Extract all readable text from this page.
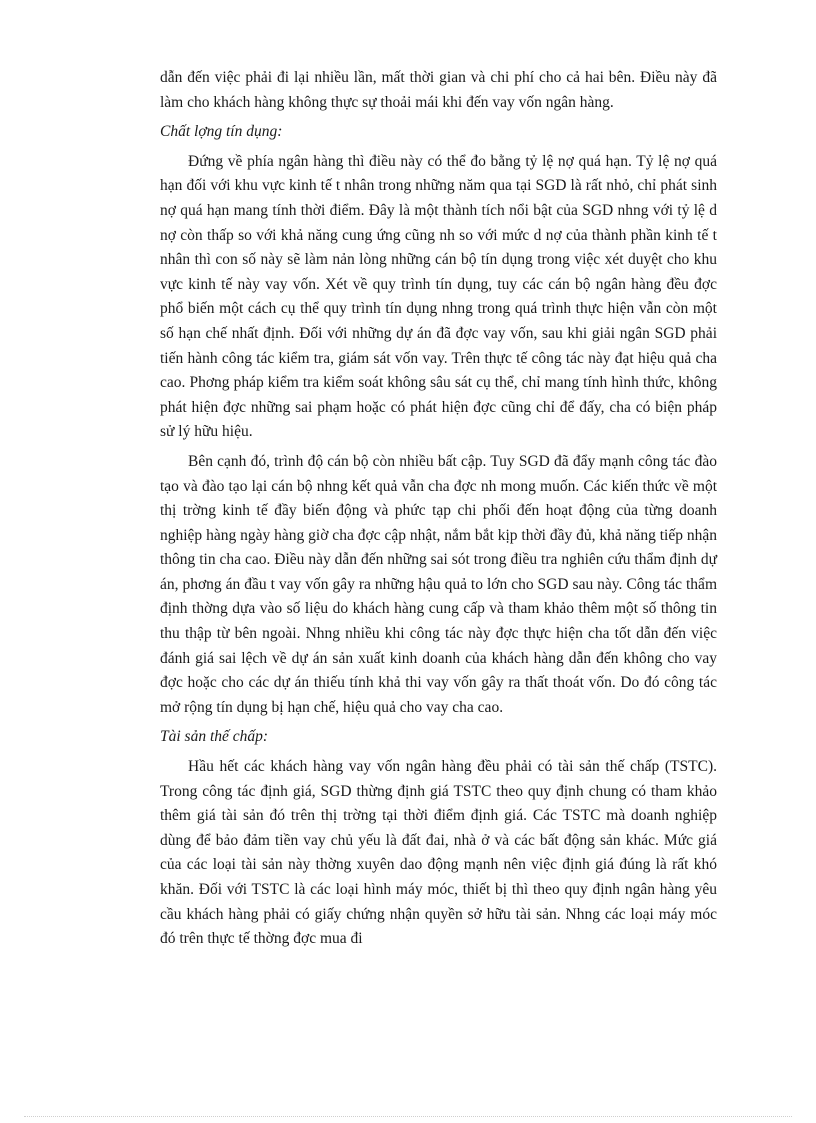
dẫn đến việc phải đi lại nhiều lần, mất thời gian và chi phí cho cả hai bên. Điều này đã làm cho khách hàng không thực sự thoải mái khi đến vay vốn ngân hàng.

Chất lợng tín dụng:

Đứng về phía ngân hàng thì điều này có thể đo bằng tỷ lệ nợ quá hạn. Tỷ lệ nợ quá hạn đối với khu vực kinh tế t nhân trong những năm qua tại SGD là rất nhỏ, chỉ phát sinh nợ quá hạn mang tính thời điểm. Đây là một thành tích nổi bật của SGD nhng với tỷ lệ d nợ còn thấp so với khả năng cung ứng cũng nh so với mức d nợ của thành phần kinh tế t nhân thì con số này sẽ làm nản lòng những cán bộ tín dụng trong việc xét duyệt cho khu vực kinh tế này vay vốn. Xét về quy trình tín dụng, tuy các cán bộ ngân hàng đều đợc phổ biến một cách cụ thể quy trình tín dụng nhng trong quá trình thực hiện vẫn còn một số hạn chế nhất định. Đối với những dự án đã đợc vay vốn, sau khi giải ngân SGD phải tiến hành công tác kiểm tra, giám sát vốn vay. Trên thực tế công tác này đạt hiệu quả cha cao. Phơng pháp kiểm tra kiểm soát không sâu sát cụ thể, chỉ mang tính hình thức, không phát hiện đợc những sai phạm hoặc có phát hiện đợc cũng chỉ để đấy, cha có biện pháp sử lý hữu hiệu.

Bên cạnh đó, trình độ cán bộ còn nhiều bất cập. Tuy SGD đã đẩy mạnh công tác đào tạo và đào tạo lại cán bộ nhng kết quả vẫn cha đợc nh mong muốn. Các kiến thức về một thị trờng kinh tế đầy biến động và phức tạp chi phối đến hoạt động của từng doanh nghiệp hàng ngày hàng giờ cha đợc cập nhật, nắm bắt kịp thời đầy đủ, khả năng tiếp nhận thông tin cha cao. Điều này dẫn đến những sai sót trong điều tra nghiên cứu thẩm định dự án, phơng án đầu t vay vốn gây ra những hậu quả to lớn cho SGD sau này. Công tác thẩm định thờng dựa vào số liệu do khách hàng cung cấp và tham khảo thêm một số thông tin thu thập từ bên ngoài. Nhng nhiều khi công tác này đợc thực hiện cha tốt dẫn đến việc đánh giá sai lệch về dự án sản xuất kinh doanh của khách hàng dẫn đến không cho vay đợc hoặc cho các dự án thiếu tính khả thi vay vốn gây ra thất thoát vốn. Do đó công tác mở rộng tín dụng bị hạn chế, hiệu quả cho vay cha cao.

Tài sản thế chấp:

Hầu hết các khách hàng vay vốn ngân hàng đều phải có tài sản thế chấp (TSTC). Trong công tác định giá, SGD thừng định giá TSTC theo quy định chung có tham khảo thêm giá tài sản đó trên thị trờng tại thời điểm định giá. Các TSTC mà doanh nghiệp dùng để bảo đảm tiền vay chủ yếu là đất đai, nhà ở và các bất động sản khác. Mức giá của các loại tài sản này thờng xuyên dao động mạnh nên việc định giá đúng là rất khó khăn. Đối với TSTC là các loại hình máy móc, thiết bị thì theo quy định ngân hàng yêu cầu khách hàng phải có giấy chứng nhận quyền sở hữu tài sản. Nhng các loại máy móc đó trên thực tế thờng đợc mua đi
